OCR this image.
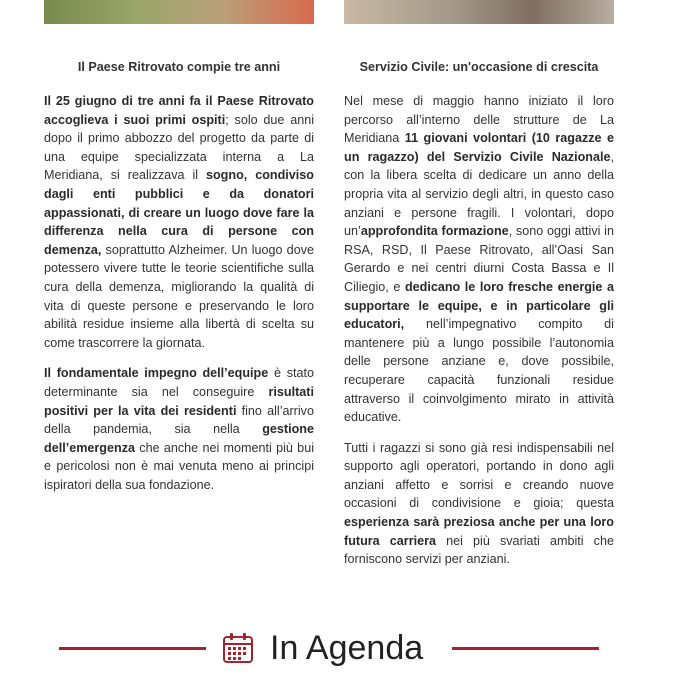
Il Paese Ritrovato compie tre anni

Il 25 giugno di tre anni fa il Paese Ritrovato accoglieva i suoi primi ospiti; solo due anni dopo il primo abbozzo del progetto da parte di una equipe specializzata interna a La Meridiana, si realizzava il sogno, condiviso dagli enti pubblici e da donatori appassionati, di creare un luogo dove fare la differenza nella cura di persone con demenza, soprattutto Alzheimer. Un luogo dove potessero vivere tutte le teorie scientifiche sulla cura della demenza, migliorando la qualità di vita di queste persone e preservando le loro abilità residue insieme alla libertà di scelta su come trascorrere la giornata.

Il fondamentale impegno dell’equipe è stato determinante sia nel conseguire risultati positivi per la vita dei residenti fino all’arrivo della pandemia, sia nella gestione dell’emergenza che anche nei momenti più bui e pericolosi non è mai venuta meno ai principi ispiratori della sua fondazione.

Servizio Civile: un'occasione di crescita

Nel mese di maggio hanno iniziato il loro percorso all’interno delle strutture de La Meridiana 11 giovani volontari (10 ragazze e un ragazzo) del Servizio Civile Nazionale, con la libera scelta di dedicare un anno della propria vita al servizio degli altri, in questo caso anziani e persone fragili. I volontari, dopo un’approfondita formazione, sono oggi attivi in RSA, RSD, Il Paese Ritrovato, all’Oasi San Gerardo e nei centri diurni Costa Bassa e Il Ciliegio, e dedicano le loro fresche energie a supportare le equipe, e in particolare gli educatori, nell’impegnativo compito di mantenere più a lungo possibile l’autonomia delle persone anziane e, dove possibile, recuperare capacità funzionali residue attraverso il coinvolgimento mirato in attività educative.

Tutti i ragazzi si sono già resi indispensabili nel supporto agli operatori, portando in dono agli anziani affetto e sorrisi e creando nuove occasioni di condivisione e gioia; questa esperienza sarà preziosa anche per una loro futura carriera nei più svariati ambiti che forniscono servizi per anziani.

In Agenda
